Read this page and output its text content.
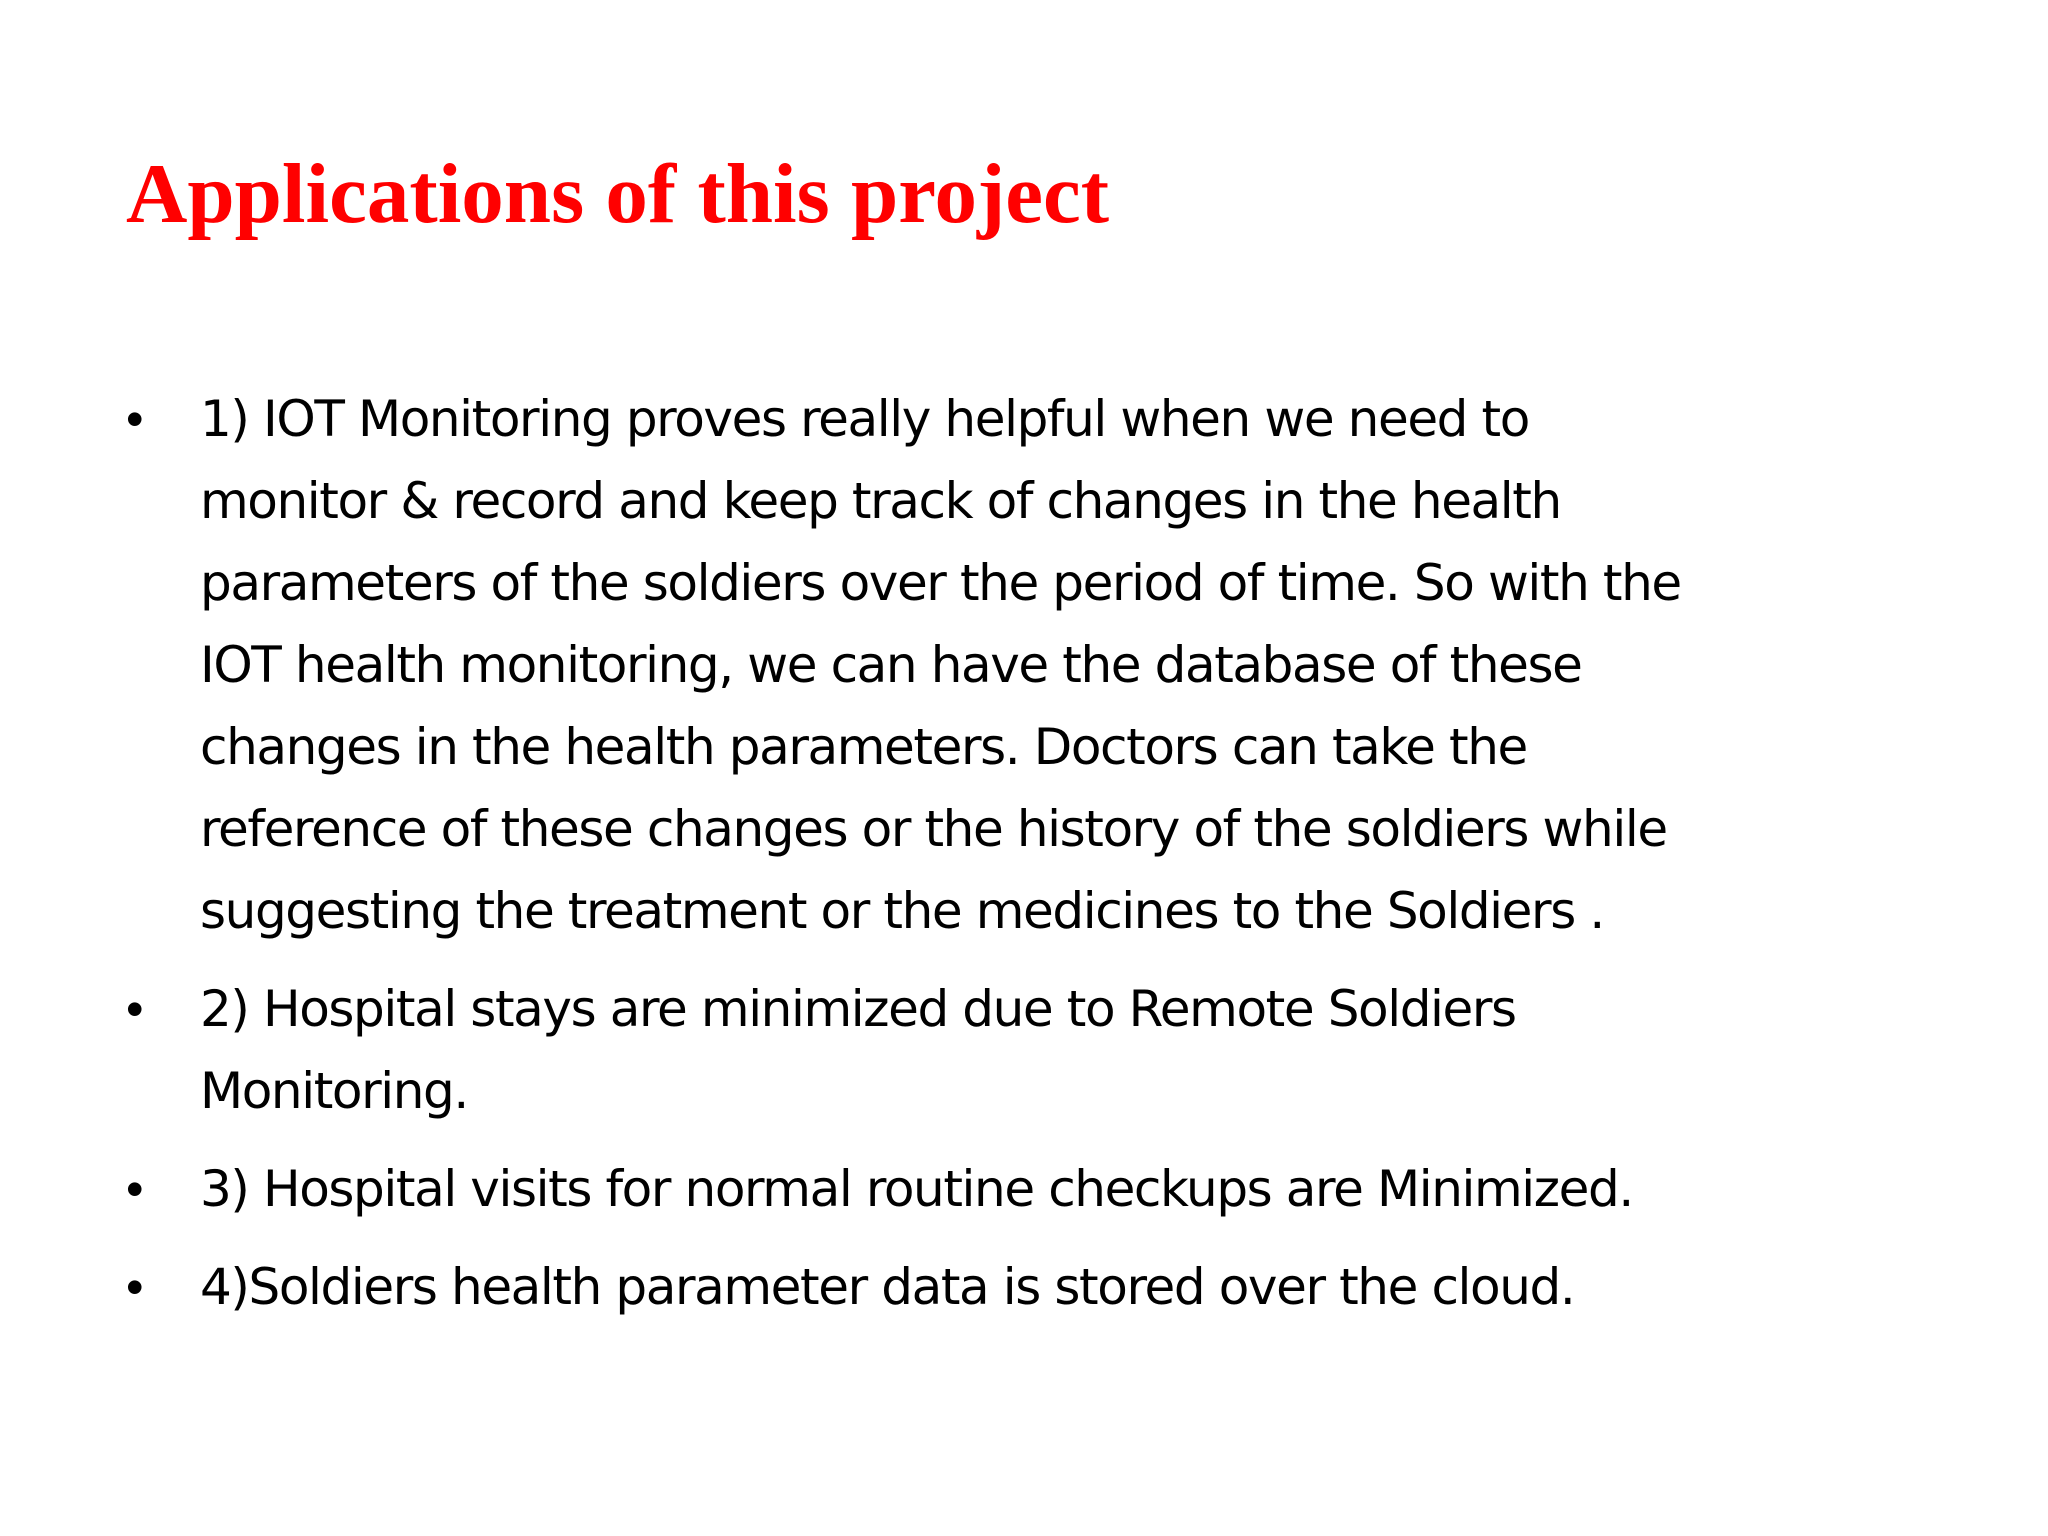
Applications of this project
• 1) IOT Monitoring proves really helpful when we need to
monitor & record and keep track of changes in the health
parameters of the soldiers over the period of time. So with the
IOT health monitoring, we can have the database of these
changes in the health parameters. Doctors can take the
reference of these changes or the history of the soldiers while
suggesting the treatment or the medicines to the Soldiers .
• 2) Hospital stays are minimized due to Remote Soldiers
Monitoring.
• 3) Hospital visits for normal routine checkups are Minimized.
• 4)Soldiers health parameter data is stored over the cloud.
